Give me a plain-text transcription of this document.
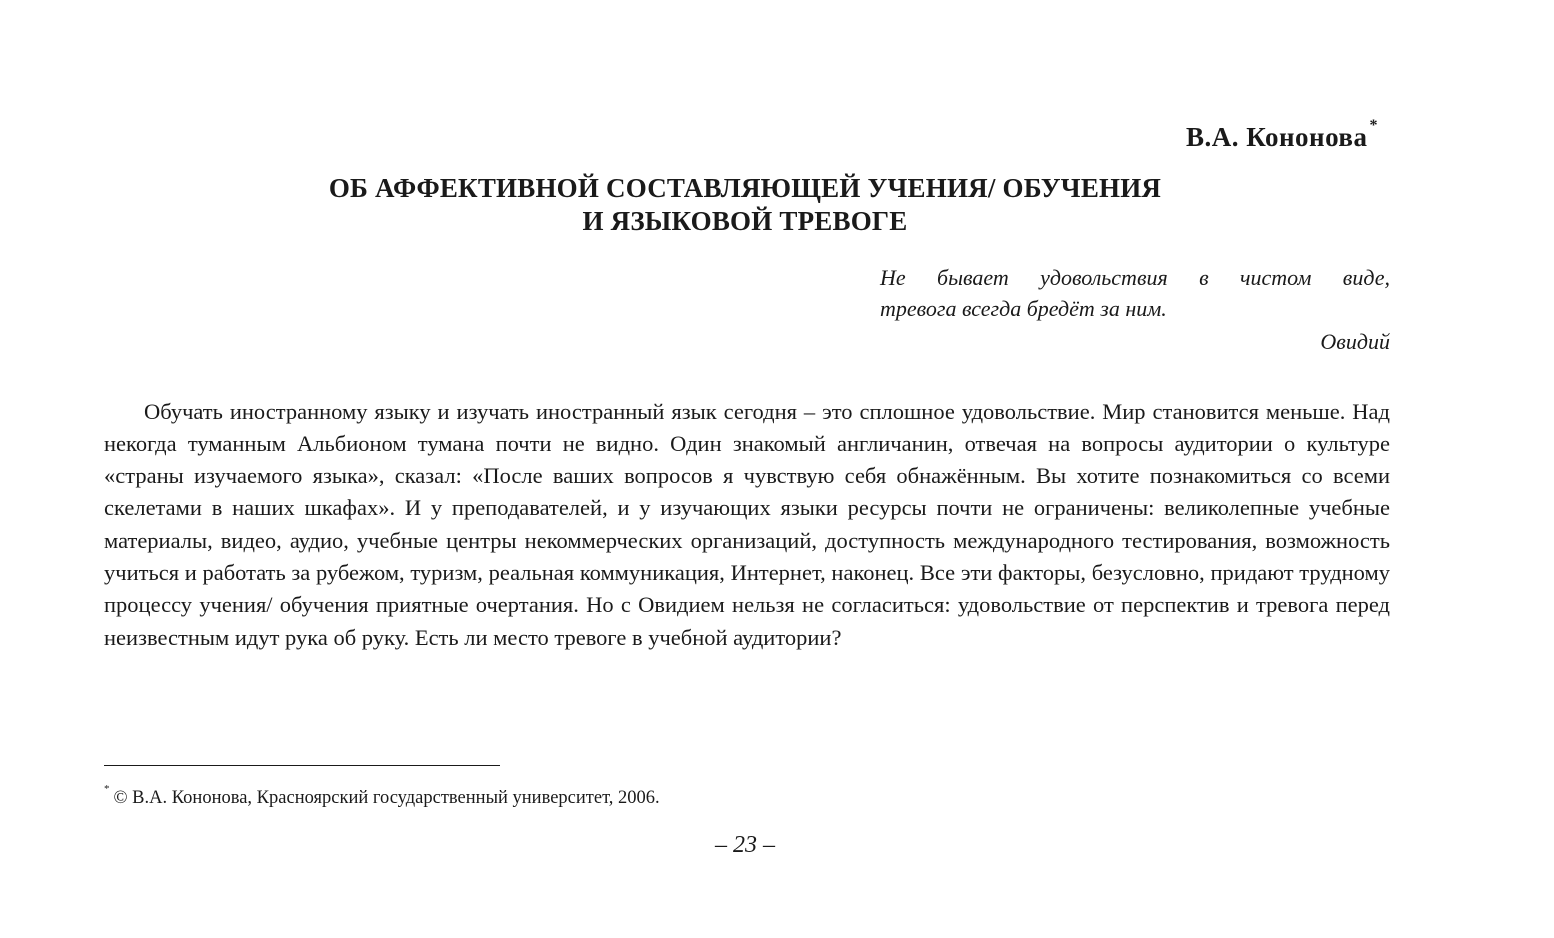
В.А. Кононова *
ОБ АФФЕКТИВНОЙ СОСТАВЛЯЮЩЕЙ УЧЕНИЯ/ ОБУЧЕНИЯ
И ЯЗЫКОВОЙ ТРЕВОГЕ
Не бывает удовольствия в чистом виде,
тревога всегда бредёт за ним.
Овидий

Обучать иностранному языку и изучать иностранный язык сегодня – это сплошное удовольствие. Мир становится меньше. Над некогда туманным Альбионом тумана почти не видно. Один знакомый англичанин, отвечая на вопросы аудитории о культуре «страны изучаемого языка», сказал: «После ваших вопросов я чувствую себя обнажённым. Вы хотите познакомиться со всеми скелетами в наших шкафах». И у преподавателей, и у изучающих языки ресурсы почти не ограничены: великолепные учебные материалы, видео, аудио, учебные центры некоммерческих организаций, доступность международного тестирования, возможность учиться и работать за рубежом, туризм, реальная коммуникация, Интернет, наконец. Все эти факторы, безусловно, придают трудному процессу учения/ обучения приятные очертания. Но с Овидием нельзя не согласиться: удовольствие от перспектив и тревога перед неизвестным идут рука об руку. Есть ли место тревоге в учебной аудитории?

* © В.А. Кононова, Красноярский государственный университет, 2006.
– 23 –
